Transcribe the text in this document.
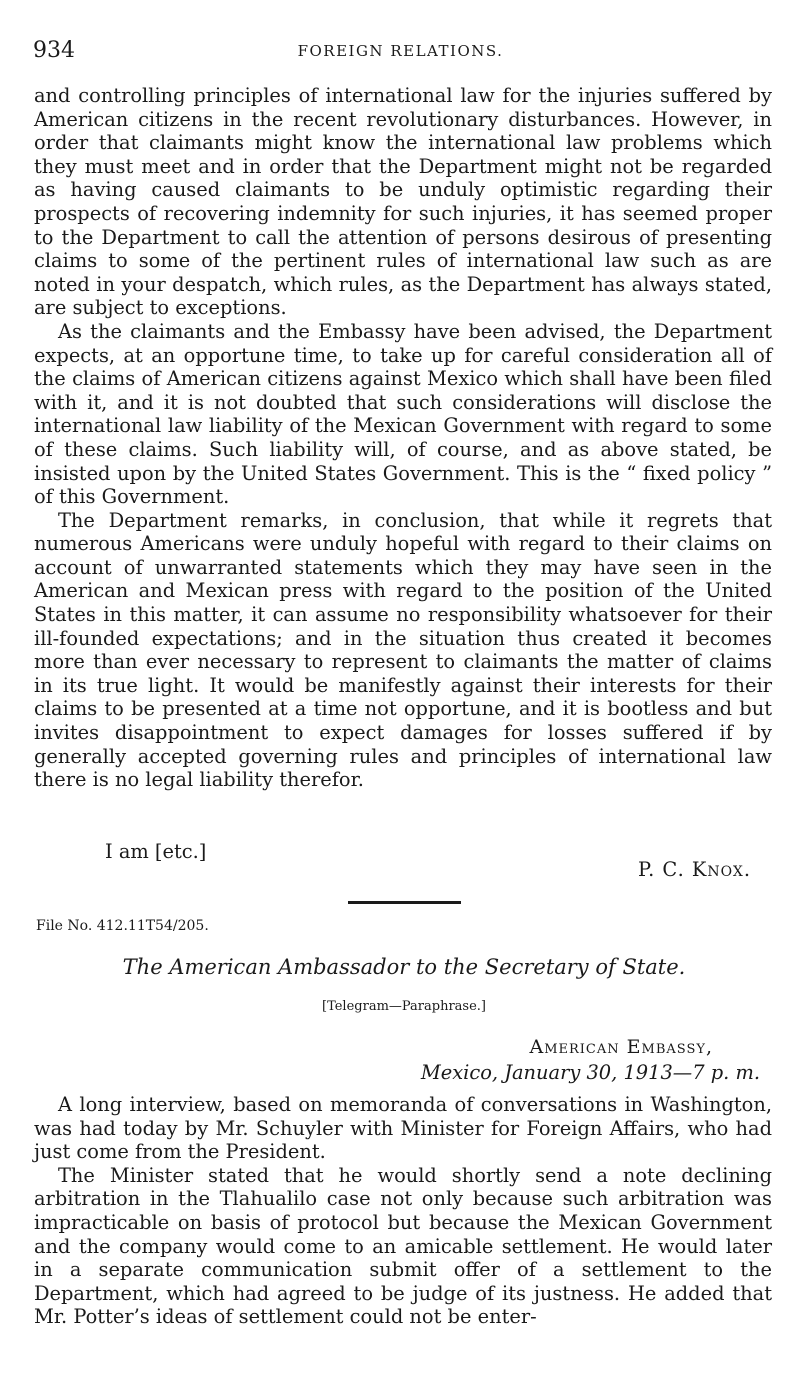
934	FOREIGN RELATIONS.

and controlling principles of international law for the injuries suffered by American citizens in the recent revolutionary disturbances. However, in order that claimants might know the international law problems which they must meet and in order that the Department might not be regarded as having caused claimants to be unduly optimistic regarding their prospects of recovering indemnity for such injuries, it has seemed proper to the Department to call the attention of persons desirous of presenting claims to some of the pertinent rules of international law such as are noted in your despatch, which rules, as the Department has always stated, are subject to exceptions.

As the claimants and the Embassy have been advised, the Department expects, at an opportune time, to take up for careful consideration all of the claims of American citizens against Mexico which shall have been filed with it, and it is not doubted that such considerations will disclose the international law liability of the Mexican Government with regard to some of these claims. Such liability will, of course, and as above stated, be insisted upon by the United States Government. This is the “ fixed policy ” of this Government.

The Department remarks, in conclusion, that while it regrets that numerous Americans were unduly hopeful with regard to their claims on account of unwarranted statements which they may have seen in the American and Mexican press with regard to the position of the United States in this matter, it can assume no responsibility whatsoever for their ill-founded expectations; and in the situation thus created it becomes more than ever necessary to represent to claimants the matter of claims in its true light. It would be manifestly against their interests for their claims to be presented at a time not opportune, and it is bootless and but invites disappointment to expect damages for losses suffered if by generally accepted governing rules and principles of international law there is no legal liability therefor.

I am [etc.]
P. C. Knox.
File No. 412.11T54/205.
The American Ambassador to the Secretary of State.
[Telegram—Paraphrase.]
American Embassy,
Mexico, January 30, 1913—7 p. m.

A long interview, based on memoranda of conversations in Washington, was had today by Mr. Schuyler with Minister for Foreign Affairs, who had just come from the President.

The Minister stated that he would shortly send a note declining arbitration in the Tlahualilo case not only because such arbitration was impracticable on basis of protocol but because the Mexican Government and the company would come to an amicable settlement. He would later in a separate communication submit offer of a settlement to the Department, which had agreed to be judge of its justness. He added that Mr. Potter’s ideas of settlement could not be enter-
